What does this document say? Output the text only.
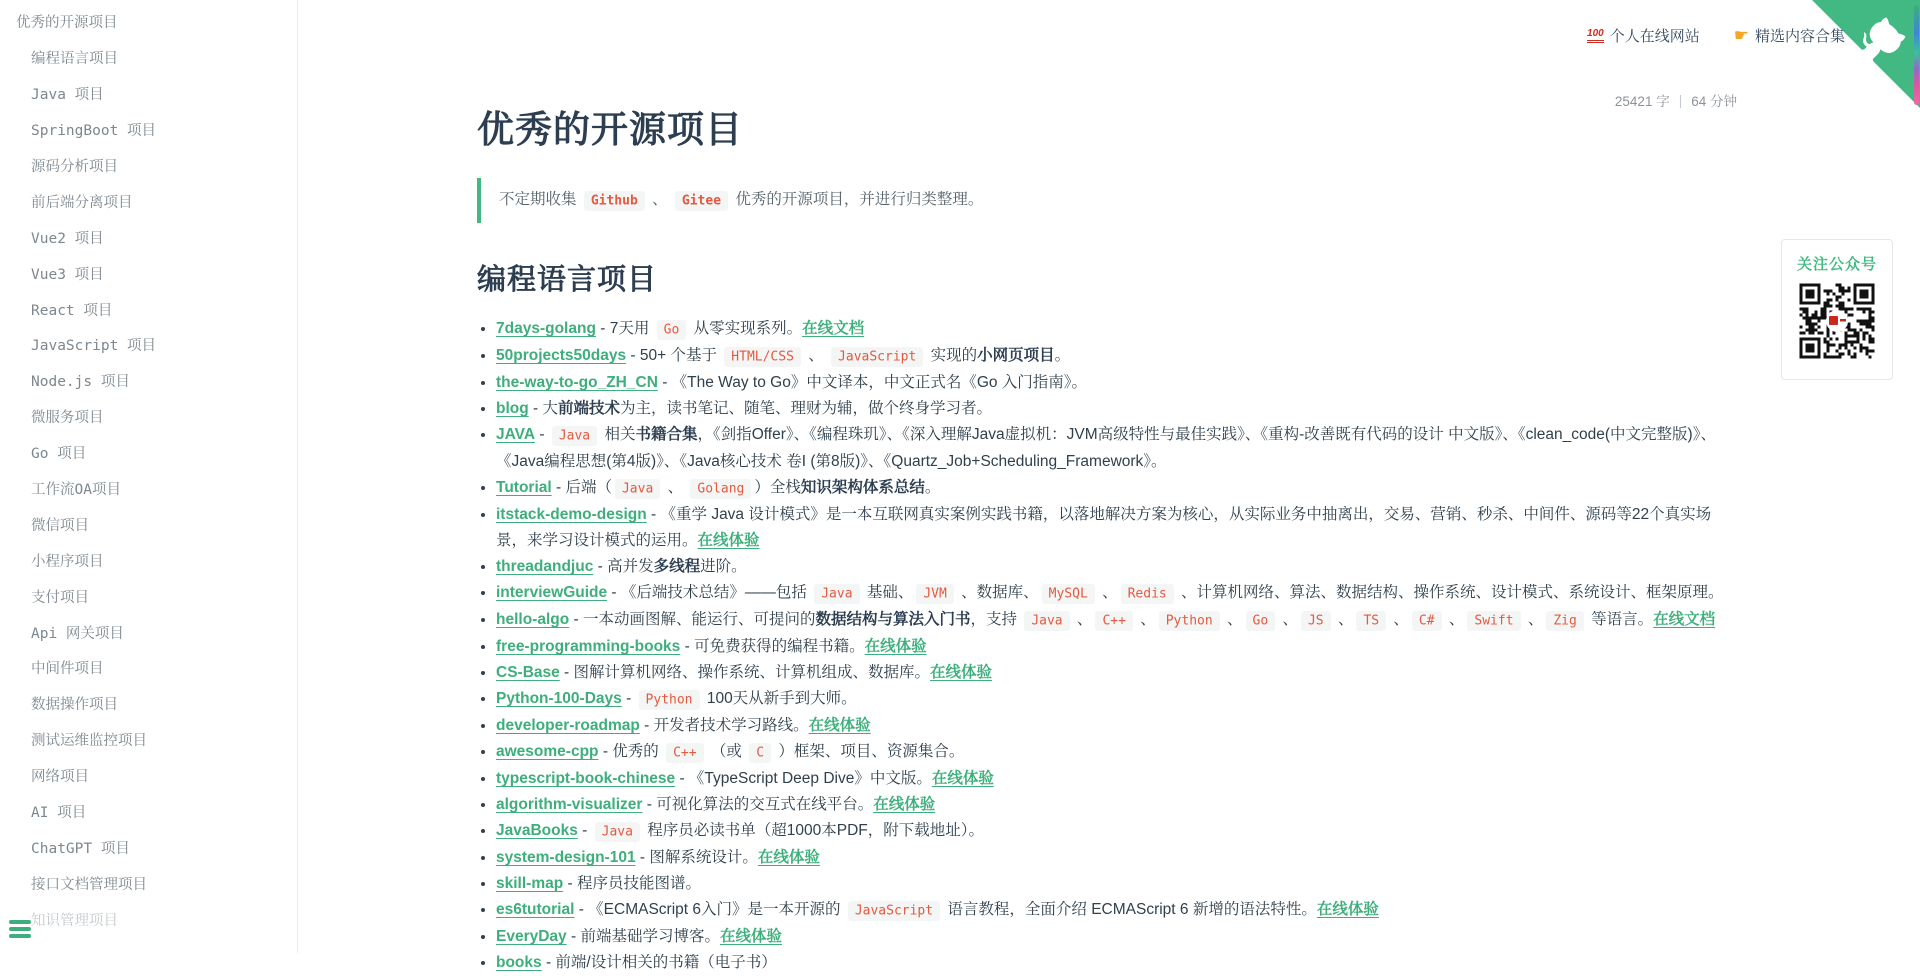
优秀的开源项目
编程语言项目
Java 项目
SpringBoot 项目
源码分析项目
前后端分离项目
Vue2 项目
Vue3 项目
React 项目
JavaScript 项目
Node.js 项目
微服务项目
Go 项目
工作流OA项目
微信项目
小程序项目
支付项目
Api 网关项目
中间件项目
数据操作项目
测试运维监控项目
网络项目
AI 项目
ChatGPT 项目
接口文档管理项目
知识管理项目
100 个人在线网站 ☛ 精选内容合集
25421 字 | 64 分钟
优秀的开源项目
不定期收集 Github 、 Gitee 优秀的开源项目，并进行归类整理。
编程语言项目
• 7days-golang - 7天用 Go 从零实现系列。在线文档
• 50projects50days - 50+ 个基于 HTML/CSS 、 JavaScript 实现的小网页项目。
• the-way-to-go_ZH_CN - 《The Way to Go》中文译本，中文正式名《Go 入门指南》。
• blog - 大前端技术为主，读书笔记、随笔、理财为辅，做个终身学习者。
• JAVA - Java 相关书籍合集，《剑指Offer》、《编程珠玑》、《深入理解Java虚拟机：JVM高级特性与最佳实践》、《重构-改善既有代码的设计 中文版》、《clean_code(中文完整版)》、《Java编程思想(第4版)》、《Java核心技术 卷I (第8版)》、《Quartz_Job+Scheduling_Framework》。
• Tutorial - 后端（ Java 、 Golang ）全栈知识架构体系总结。
• itstack-demo-design - 《重学 Java 设计模式》是一本互联网真实案例实践书籍，以落地解决方案为核心，从实际业务中抽离出，交易、营销、秒杀、中间件、源码等22个真实场景，来学习设计模式的运用。在线体验
• threadandjuc - 高并发多线程进阶。
• interviewGuide - 《后端技术总结》——包括 Java 基础、 JVM 、数据库、 MySQL 、 Redis 、计算机网络、算法、数据结构、操作系统、设计模式、系统设计、框架原理。
• hello-algo - 一本动画图解、能运行、可提问的数据结构与算法入门书，支持 Java 、 C++ 、 Python 、 Go 、 JS 、 TS 、 C# 、 Swift 、 Zig 等语言。在线文档
• free-programming-books - 可免费获得的编程书籍。在线体验
• CS-Base - 图解计算机网络、操作系统、计算机组成、数据库。在线体验
• Python-100-Days - Python 100天从新手到大师。
• developer-roadmap - 开发者技术学习路线。在线体验
• awesome-cpp - 优秀的 C++ （或 C ）框架、项目、资源集合。
• typescript-book-chinese - 《TypeScript Deep Dive》中文版。在线体验
• algorithm-visualizer - 可视化算法的交互式在线平台。在线体验
• JavaBooks - Java 程序员必读书单（超1000本PDF，附下载地址）。
• system-design-101 - 图解系统设计。在线体验
• skill-map - 程序员技能图谱。
• es6tutorial - 《ECMAScript 6入门》是一本开源的 JavaScript 语言教程，全面介绍 ECMAScript 6 新增的语法特性。在线体验
• EveryDay - 前端基础学习博客。在线体验
• books - 前端/设计相关的书籍（电子书）
关注公众号
